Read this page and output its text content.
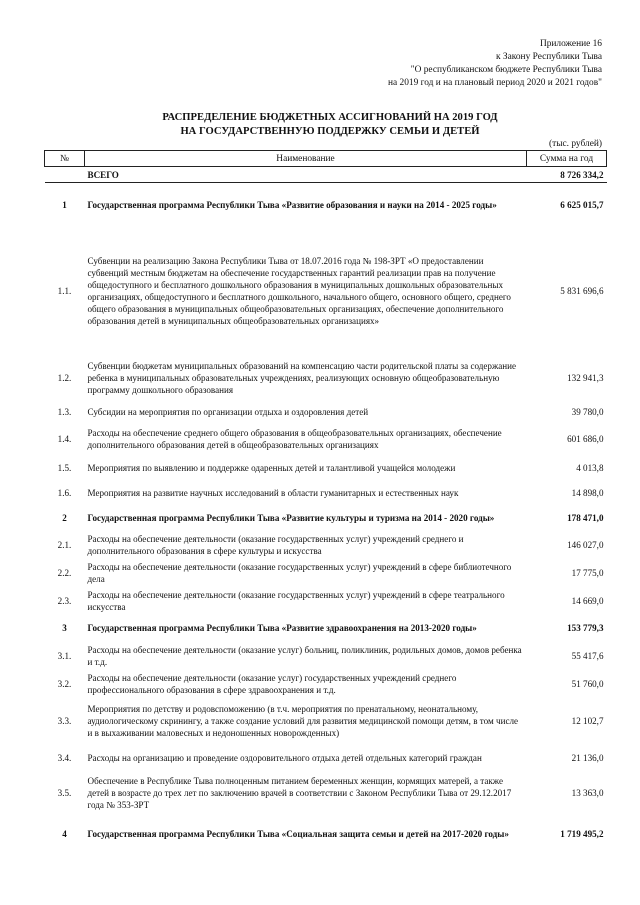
Приложение 16
к Закону Республики Тыва
"О республиканском бюджете Республики Тыва
на 2019 год и на плановый период 2020 и 2021 годов"
РАСПРЕДЕЛЕНИЕ БЮДЖЕТНЫХ АССИГНОВАНИЙ НА 2019 ГОД
НА ГОСУДАРСТВЕННУЮ ПОДДЕРЖКУ СЕМЬИ И ДЕТЕЙ
(тыс. рублей)
№	Наименование	Сумма на год
	ВСЕГО	8 726 334,2
1	Государственная программа Республики Тыва «Развитие образования и науки на 2014 - 2025 годы»	6 625 015,7
1.1.	Субвенции на реализацию Закона Республики Тыва от 18.07.2016 года № 198-ЗРТ «О предоставлении субвенций местным бюджетам на обеспечение государственных гарантий реализации прав на получение общедоступного и бесплатного дошкольного образования в муниципальных дошкольных образовательных организациях, общедоступного и бесплатного дошкольного, начального общего, основного общего, среднего общего образования в муниципальных общеобразовательных организациях, обеспечение дополнительного образования детей в муниципальных общеобразовательных организациях»	5 831 696,6
1.2.	Субвенции бюджетам муниципальных образований на компенсацию части родительской платы за содержание ребенка в муниципальных образовательных учреждениях, реализующих основную общеобразовательную программу дошкольного образования	132 941,3
1.3.	Субсидии на мероприятия по организации отдыха и оздоровления детей	39 780,0
1.4.	Расходы на обеспечение среднего общего образования в общеобразовательных организациях, обеспечение дополнительного образования детей в общеобразовательных организациях	601 686,0
1.5.	Мероприятия по выявлению и поддержке одаренных детей и талантливой учащейся молодежи	4 013,8
1.6.	Мероприятия на развитие научных исследований в области гуманитарных и естественных наук	14 898,0
2	Государственная программа Республики Тыва «Развитие культуры и туризма на 2014 - 2020 годы»	178 471,0
2.1.	Расходы на обеспечение деятельности (оказание государственных услуг) учреждений среднего и дополнительного образования в сфере культуры и искусства	146 027,0
2.2.	Расходы на обеспечение деятельности (оказание государственных услуг) учреждений в сфере библиотечного дела	17 775,0
2.3.	Расходы на обеспечение деятельности (оказание государственных услуг) учреждений в сфере театрального искусства	14 669,0
3	Государственная программа Республики Тыва «Развитие здравоохранения на 2013-2020 годы»	153 779,3
3.1.	Расходы на обеспечение деятельности (оказание услуг) больниц, поликлиник, родильных домов, домов ребенка и т.д.	55 417,6
3.2.	Расходы на обеспечение деятельности (оказание услуг) государственных учреждений среднего профессионального образования в сфере здравоохранения и т.д.	51 760,0
3.3.	Мероприятия по детству и родовспоможению (в т.ч. мероприятия по пренатальному, неонатальному, аудиологическому скринингу, а также создание условий для развития медицинской помощи детям, в том числе и в выхаживании маловесных и недоношенных новорожденных)	12 102,7
3.4.	Расходы на организацию и проведение оздоровительного отдыха детей отдельных категорий граждан	21 136,0
3.5.	Обеспечение в Республике Тыва полноценным питанием беременных женщин, кормящих матерей, а также детей в возрасте до трех лет по заключению врачей в соответствии с Законом Республики Тыва от 29.12.2017 года № 353-ЗРТ	13 363,0
4	Государственная программа Республики Тыва «Социальная защита семьи и детей на 2017-2020 годы»	1 719 495,2
